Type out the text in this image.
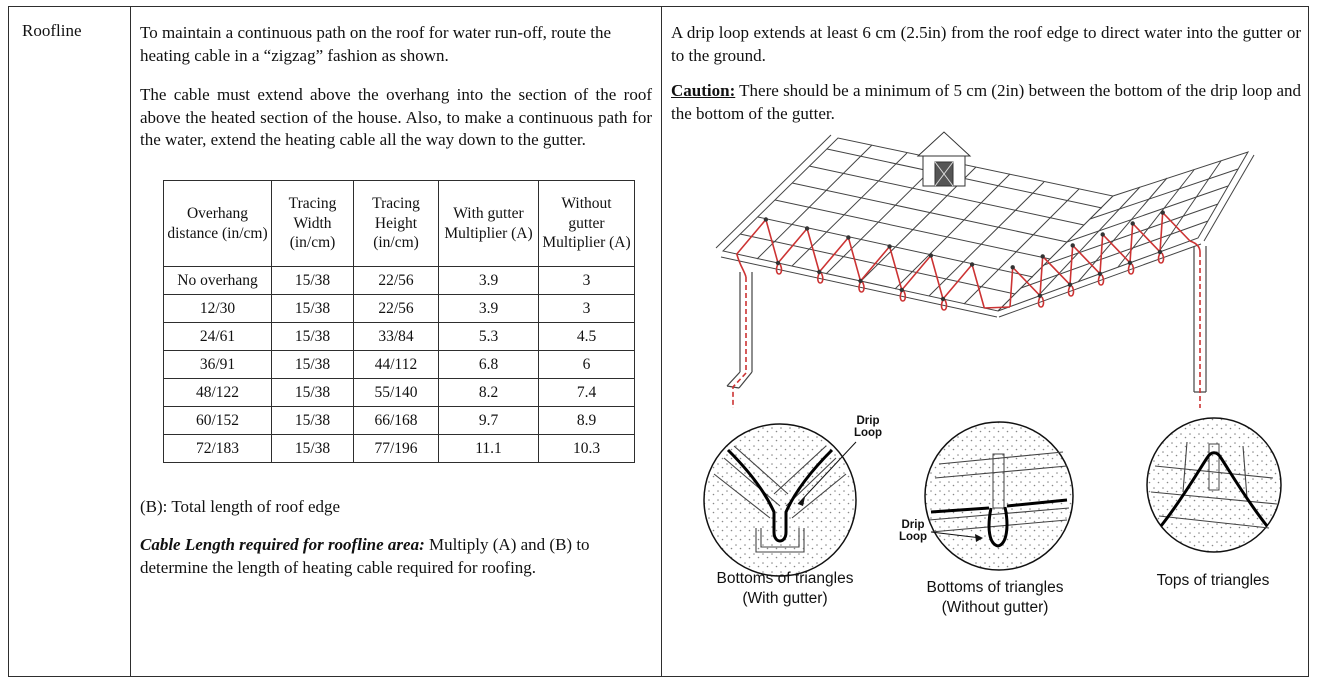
Roofline	To maintain a continuous path on the roof for water run-off, route the heating cable in a “zigzag” fashion as shown.
The cable must extend above the overhang into the section of the roof above the heated section of the house. Also, to make a continuous path for the water, extend the heating cable all the way down to the gutter.
Overhang distance (in/cm)	Tracing Width (in/cm)	Tracing Height (in/cm)	With gutter Multiplier (A)	Without gutter Multiplier (A)
No overhang	15/38	22/56	3.9	3
12/30	15/38	22/56	3.9	3
24/61	15/38	33/84	5.3	4.5
36/91	15/38	44/112	6.8	6
48/122	15/38	55/140	8.2	7.4
60/152	15/38	66/168	9.7	8.9
72/183	15/38	77/196	11.1	10.3
(B): Total length of roof edge
Cable Length required for roofline area: Multiply (A) and (B) to determine the length of heating cable required for roofing.
A drip loop extends at least 6 cm (2.5in) from the roof edge to direct water into the gutter or to the ground.
Caution: There should be a minimum of 5 cm (2in) between the bottom of the drip loop and the bottom of the gutter.
Drip
Loop
Drip
Loop
Bottoms of triangles
(With gutter)
Bottoms of triangles
(Without gutter)
Tops of triangles
